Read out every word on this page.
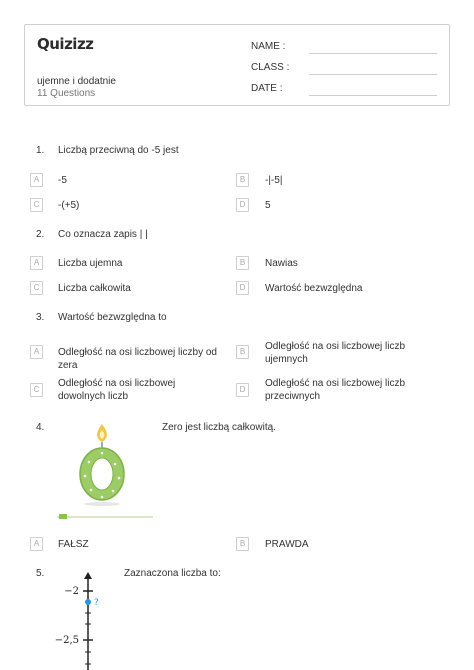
Quizizz
ujemne i dodatnie
11 Questions
NAME :
CLASS :
DATE :
1. Liczbą przeciwną do -5 jest
A	-5	B	-|-5|
C	-(+5)	D	5
2. Co oznacza zapis | |
A	Liczba ujemna	B	Nawias
C	Liczba całkowita	D	Wartość bezwzględna
3. Wartość bezwzględna to
A	Odległość na osi liczbowej liczby od zera
B	Odległość na osi liczbowej liczb ujemnych
C
Odległość na osi liczbowej dowolnych liczb
D
Odległość na osi liczbowej liczb przeciwnych
4.	Zero jest liczbą całkowitą.
A	FAŁSZ	B	PRAWDA
5.	Zaznaczona liczba to:
−2
−2,5
?
